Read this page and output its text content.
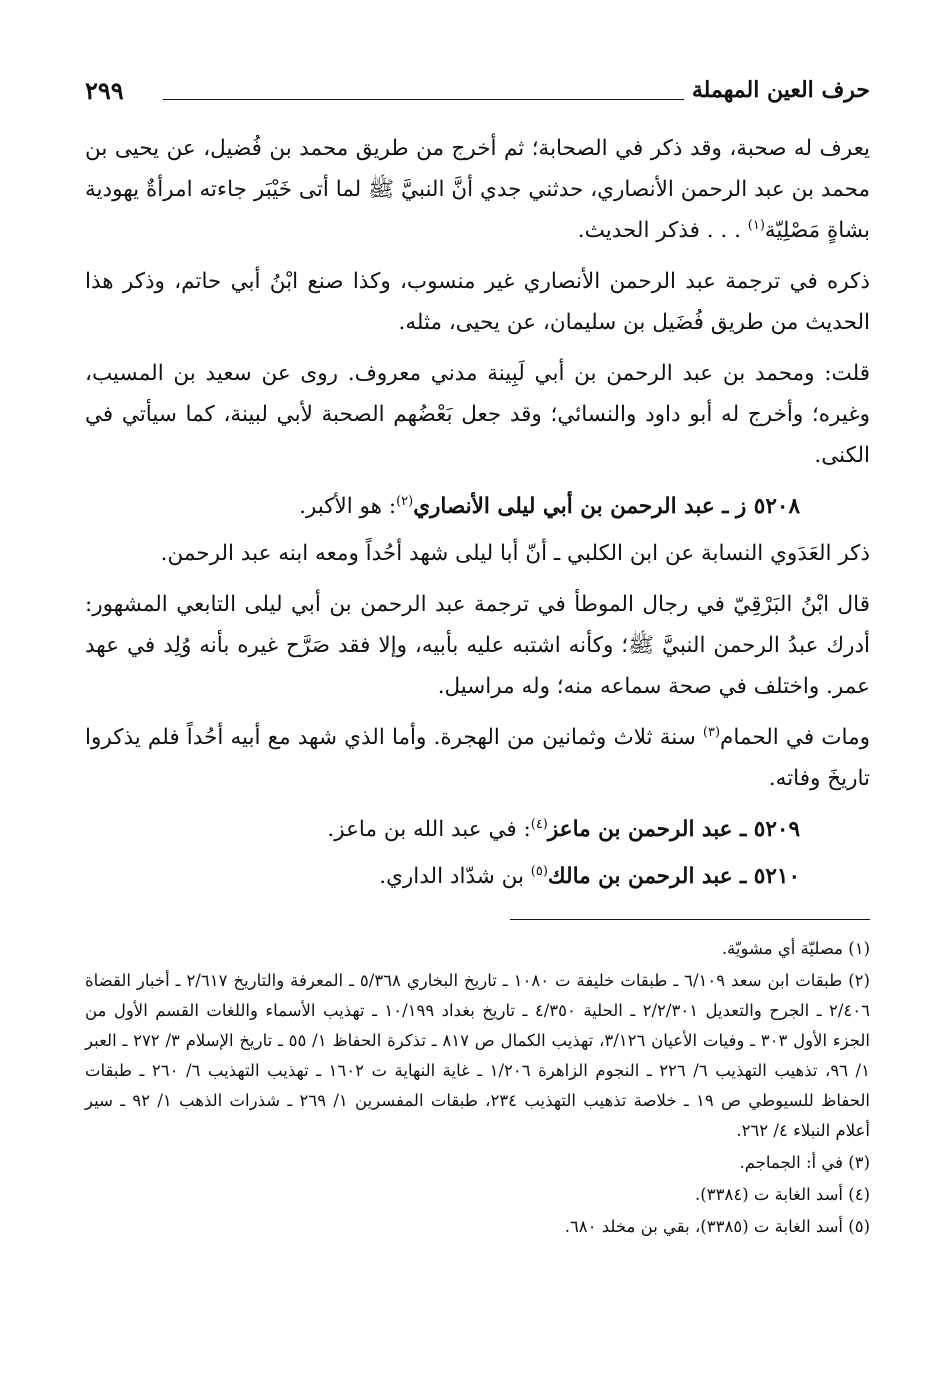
حرف العين المهملة
٢٩٩

يعرف له صحبة، وقد ذكر في الصحابة؛ ثم أخرج من طريق محمد بن فُضيل، عن يحيى بن محمد بن عبد الرحمن الأنصاري، حدثني جدي أنَّ النبيَّ ﷺ لما أتى خَيْبَر جاءته امرأةٌ يهودية بشاةٍ مَصْلِيّة$^{(١)}$ . . . فذكر الحديث.

ذكره في ترجمة عبد الرحمن الأنصاري غير منسوب، وكذا صنع ابْنُ أبي حاتم، وذكر هذا الحديث من طريق فُضَيل بن سليمان، عن يحيى، مثله.

قلت: ومحمد بن عبد الرحمن بن أبي لَبِينة مدني معروف. روى عن سعيد بن المسيب، وغيره؛ وأخرج له أبو داود والنسائي؛ وقد جعل بَعْضُهم الصحبة لأبي لبينة، كما سيأتي في الكنى.

٥٢٠٨ ز ـ عبد الرحمن بن أبي ليلى الأنصاري$^{(٢)}$: هو الأكبر.

ذكر العَدَوي النسابة عن ابن الكلبي ـ أنّ أبا ليلى شهد أحُداً ومعه ابنه عبد الرحمن.

قال ابْنُ البَرْقِيّ في رجال الموطأ في ترجمة عبد الرحمن بن أبي ليلى التابعي المشهور: أدرك عبدُ الرحمن النبيَّ ﷺ؛ وكأنه اشتبه عليه بأبيه، وإلا فقد صَرَّح غيره بأنه وُلِد في عهد عمر. واختلف في صحة سماعه منه؛ وله مراسيل.

ومات في الحمام$^{(٣)}$ سنة ثلاث وثمانين من الهجرة. وأما الذي شهد مع أبيه أحُداً فلم يذكروا تاريخَ وفاته.

٥٢٠٩ ـ عبد الرحمن بن ماعز$^{(٤)}$: في عبد الله بن ماعز.

٥٢١٠ ـ عبد الرحمن بن مالك$^{(٥)}$ بن شدّاد الداري.

(١) مصليّة أي مشويّة.

(٢) طبقات ابن سعد ٦/١٠٩ ـ طبقات خليفة ت ١٠٨٠ ـ تاريخ البخاري ٥/٣٦٨ ـ المعرفة والتاريخ ٢/٦١٧ ـ أخبار القضاة ٢/٤٠٦ ـ الجرح والتعديل ٢/٢/٣٠١ ـ الحلية ٤/٣٥٠ ـ تاريخ بغداد ١٠/١٩٩ ـ تهذيب الأسماء واللغات القسم الأول من الجزء الأول ٣٠٣ ـ وفيات الأعيان ٣/١٢٦، تهذيب الكمال ص ٨١٧ ـ تذكرة الحفاظ ١/ ٥٥ ـ تاريخ الإسلام ٣/ ٢٧٢ ـ العبر ١/ ٩٦، تذهيب التهذيب ٦/ ٢٢٦ ـ النجوم الزاهرة ١/٢٠٦ ـ غاية النهاية ت ١٦٠٢ ـ تهذيب التهذيب ٦/ ٢٦٠ ـ طبقات الحفاظ للسيوطي ص ١٩ ـ خلاصة تذهيب التهذيب ٢٣٤، طبقات المفسرين ١/ ٢٦٩ ـ شذرات الذهب ١/ ٩٢ ـ سير أعلام النبلاء ٤/ ٢٦٢.

(٣) في أ: الجماجم.

(٤) أسد الغابة ت (٣٣٨٤).

(٥) أسد الغابة ت (٣٣٨٥)، بقي بن مخلد ٦٨٠.
